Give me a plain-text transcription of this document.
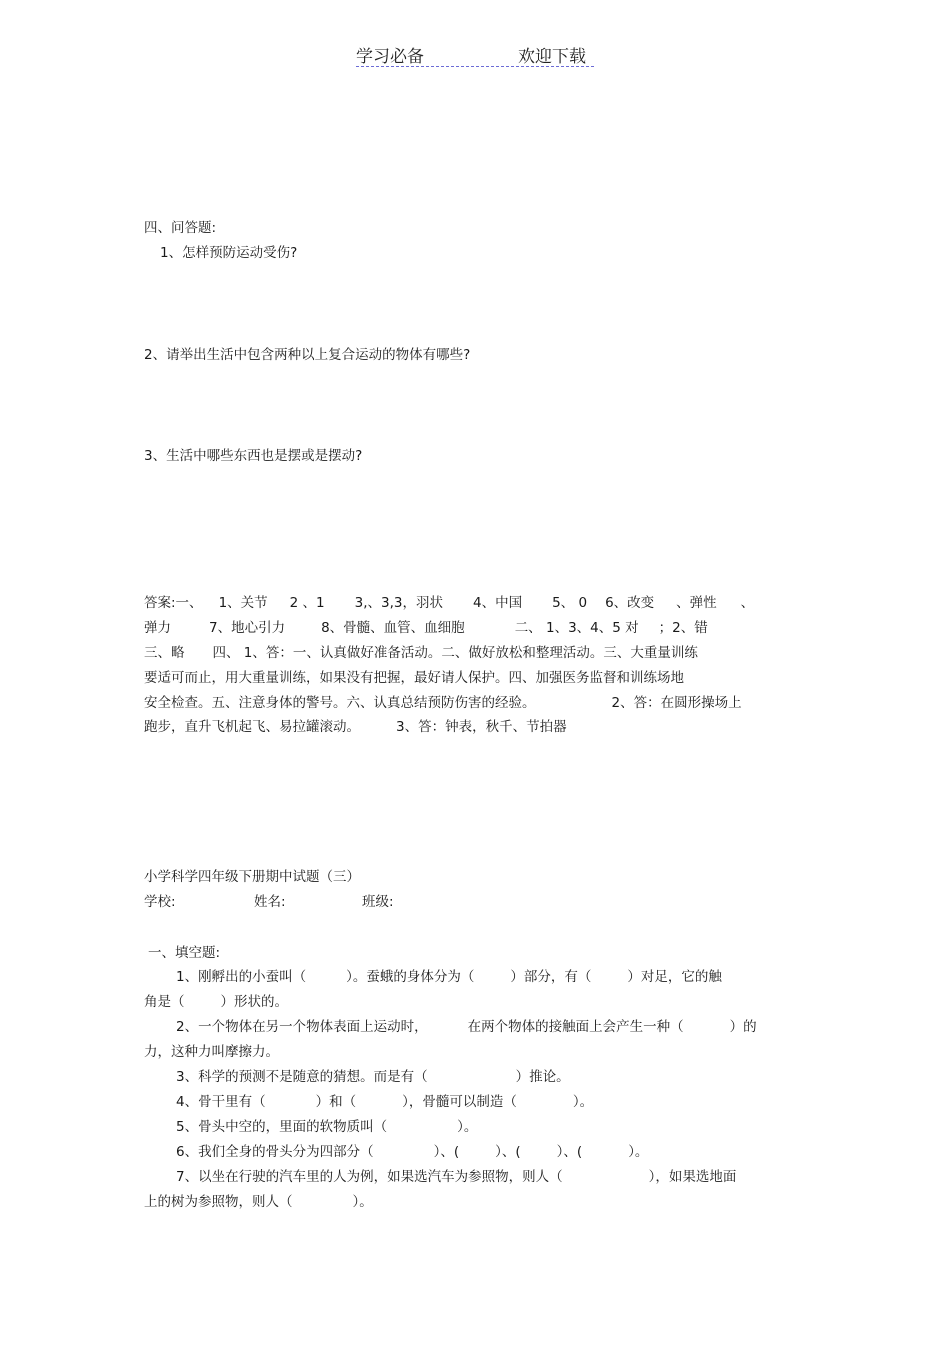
学习必备	欢迎下载
四、问答题:
1、怎样预防运动受伤?
2、请举出生活中包含两种以上复合运动的物体有哪些?
3、生活中哪些东西也是摆或是摆动?
答案:一、 1、关节 2 、1 3,、3,3，羽状 4、中国 5、 0 6、改变 、弹性 、
弹力	7、地心引力	8、骨髓、血管、血细胞	二、 1、3、4、5 对 ；2、错
三、略 四、 1、答：一、认真做好准备活动。二、做好放松和整理活动。三、大重量训练
要适可而止，用大重量训练，如果没有把握，最好请人保护。四、加强医务监督和训练场地
安全检查。五、注意身体的警号。六、认真总结预防伤害的经验。	2、答：在圆形操场上
跑步，直升飞机起飞、易拉罐滚动。	3、答：钟表，秋千、节拍器
小学科学四年级下册期中试题（三）
学校:	姓名:	班级:
一、填空题:
1、刚孵出的小蚕叫（	）。蚕蛾的身体分为（	）部分，有（	）对足，它的触
角是（	）形状的。
2、一个物体在另一个物体表面上运动时，	在两个物体的接触面上会产生一种（	）的
力，这种力叫摩擦力。
3、科学的预测不是随意的猜想。而是有（	）推论。
4、骨干里有（	）和（	），骨髓可以制造（	）。
5、骨头中空的，里面的软物质叫（	）。
6、我们全身的骨头分为四部分（	）、(	）、(	）、(	）。
7、以坐在行驶的汽车里的人为例，如果选汽车为参照物，则人（	），如果选地面
上的树为参照物，则人（	）。
